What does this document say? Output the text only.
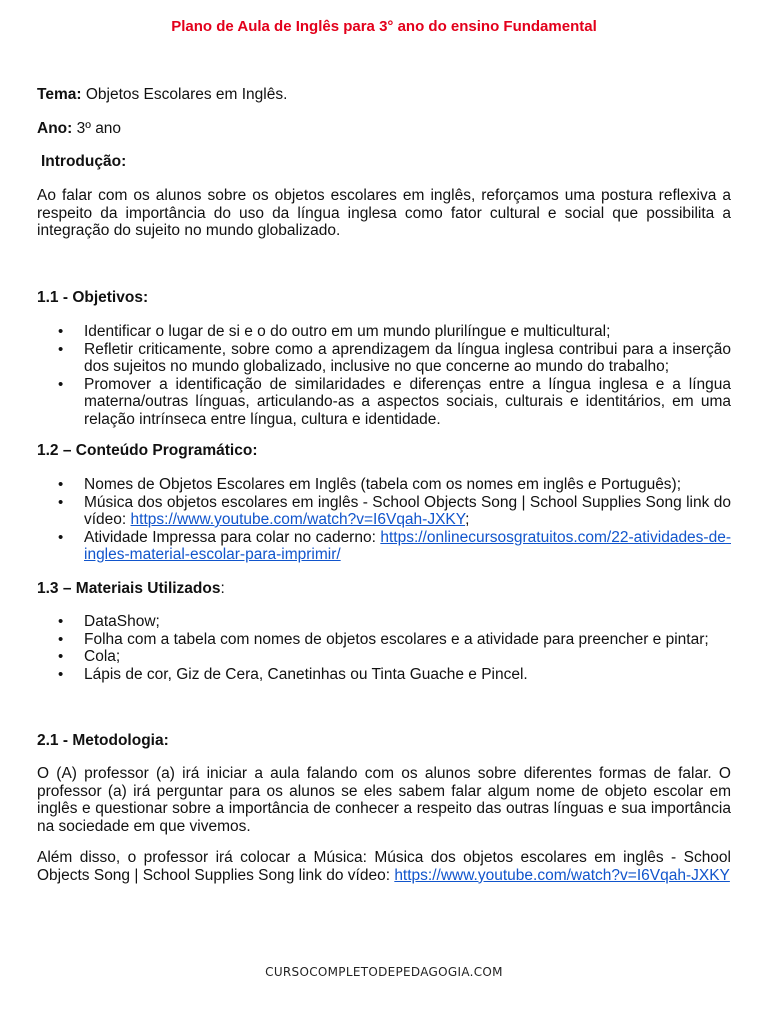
Plano de Aula de Inglês para 3° ano do ensino Fundamental
Tema: Objetos Escolares em Inglês.
Ano: 3º ano
Introdução:
Ao falar com os alunos sobre os objetos escolares em inglês, reforçamos uma postura reflexiva a respeito da importância do uso da língua inglesa como fator cultural e social que possibilita a integração do sujeito no mundo globalizado.
1.1 - Objetivos:
• Identificar o lugar de si e o do outro em um mundo plurilíngue e multicultural;
• Refletir criticamente, sobre como a aprendizagem da língua inglesa contribui para a inserção dos sujeitos no mundo globalizado, inclusive no que concerne ao mundo do trabalho;
• Promover a identificação de similaridades e diferenças entre a língua inglesa e a língua materna/outras línguas, articulando-as a aspectos sociais, culturais e identitários, em uma relação intrínseca entre língua, cultura e identidade.
1.2 – Conteúdo Programático:
• Nomes de Objetos Escolares em Inglês (tabela com os nomes em inglês e Português);
• Música dos objetos escolares em inglês - School Objects Song | School Supplies Song link do vídeo: https://www.youtube.com/watch?v=I6Vqah-JXKY;
• Atividade Impressa para colar no caderno: https://onlinecursosgratuitos.com/22-atividades-de-ingles-material-escolar-para-imprimir/
1.3 – Materiais Utilizados:
• DataShow;
• Folha com a tabela com nomes de objetos escolares e a atividade para preencher e pintar;
• Cola;
• Lápis de cor, Giz de Cera, Canetinhas ou Tinta Guache e Pincel.
2.1 - Metodologia:
O (A) professor (a) irá iniciar a aula falando com os alunos sobre diferentes formas de falar. O professor (a) irá perguntar para os alunos se eles sabem falar algum nome de objeto escolar em inglês e questionar sobre a importância de conhecer a respeito das outras línguas e sua importância na sociedade em que vivemos.
Além disso, o professor irá colocar a Música: Música dos objetos escolares em inglês - School Objects Song | School Supplies Song link do vídeo: https://www.youtube.com/watch?v=I6Vqah-JXKY
CURSOCOMPLETODEPEDAGOGIA.COM
